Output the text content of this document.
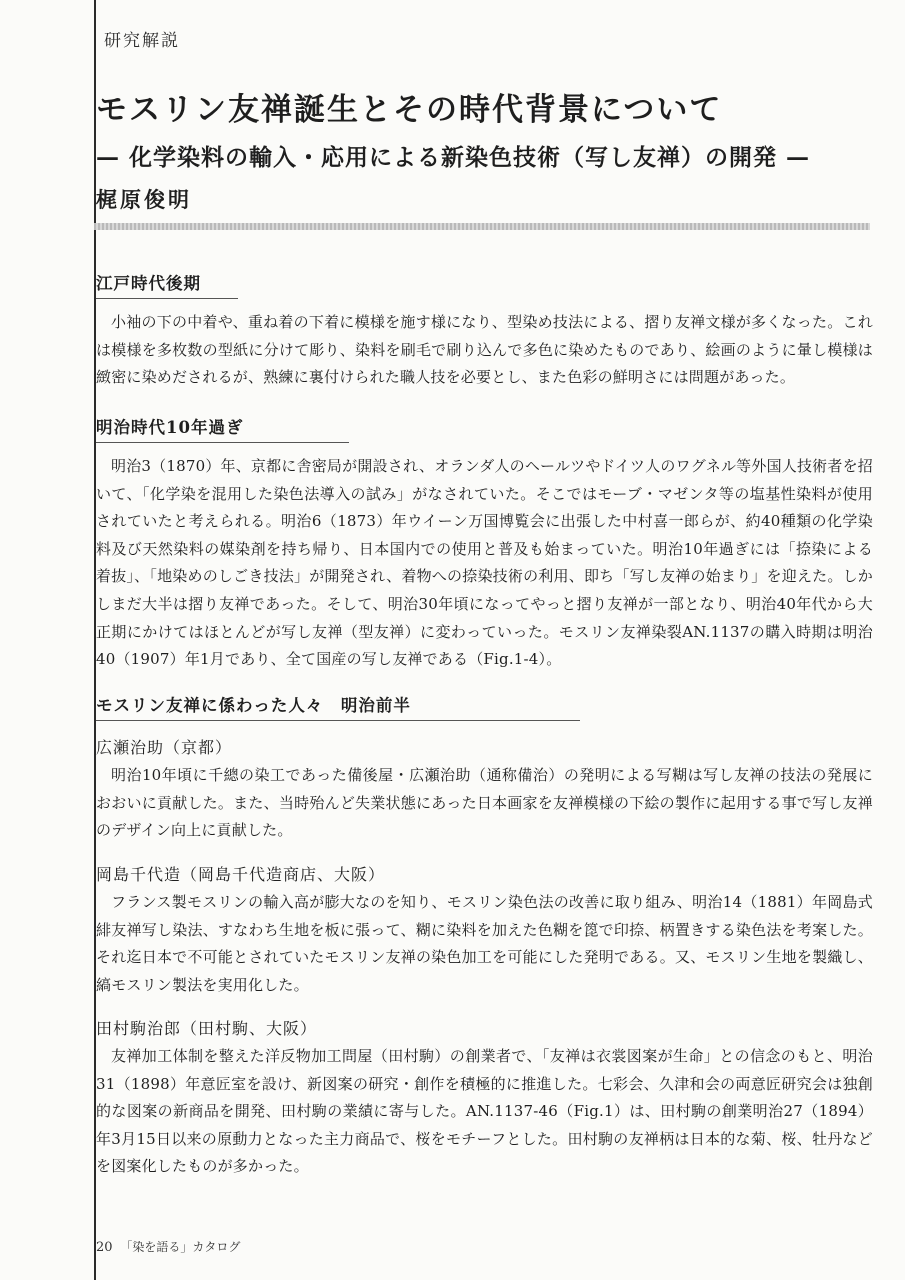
研究解説
モスリン友禅誕生とその時代背景について
— 化学染料の輸入・応用による新染色技術（写し友禅）の開発 —
梶原俊明
江戸時代後期

小袖の下の中着や、重ね着の下着に模様を施す様になり、型染め技法による、摺り友禅文様が多くなった。これは模様を多枚数の型紙に分けて彫り、染料を刷毛で刷り込んで多色に染めたものであり、絵画のように暈し模様は緻密に染めだされるが、熟練に裏付けられた職人技を必要とし、また色彩の鮮明さには問題があった。

明治時代10年過ぎ

明治3（1870）年、京都に舎密局が開設され、オランダ人のヘールツやドイツ人のワグネル等外国人技術者を招いて、「化学染を混用した染色法導入の試み」がなされていた。そこではモーブ・マゼンタ等の塩基性染料が使用されていたと考えられる。明治6（1873）年ウイーン万国博覧会に出張した中村喜一郎らが、約40種類の化学染料及び天然染料の媒染剤を持ち帰り、日本国内での使用と普及も始まっていた。明治10年過ぎには「捺染による着抜」、「地染めのしごき技法」が開発され、着物への捺染技術の利用、即ち「写し友禅の始まり」を迎えた。しかしまだ大半は摺り友禅であった。そして、明治30年頃になってやっと摺り友禅が一部となり、明治40年代から大正期にかけてはほとんどが写し友禅（型友禅）に変わっていった。モスリン友禅染裂AN.1137の購入時期は明治40（1907）年1月であり、全て国産の写し友禅である（Fig.1-4）。

モスリン友禅に係わった人々　明治前半
広瀬治助（京都）

明治10年頃に千總の染工であった備後屋・広瀬治助（通称備治）の発明による写糊は写し友禅の技法の発展におおいに貢献した。また、当時殆んど失業状態にあった日本画家を友禅模様の下絵の製作に起用する事で写し友禅のデザイン向上に貢献した。

岡島千代造（岡島千代造商店、大阪）

フランス製モスリンの輸入高が膨大なのを知り、モスリン染色法の改善に取り組み、明治14（1881）年岡島式緋友禅写し染法、すなわち生地を板に張って、糊に染料を加えた色糊を箆で印捺、柄置きする染色法を考案した。それ迄日本で不可能とされていたモスリン友禅の染色加工を可能にした発明である。又、モスリン生地を製織し、縞モスリン製法を実用化した。

田村駒治郎（田村駒、大阪）

友禅加工体制を整えた洋反物加工問屋（田村駒）の創業者で、「友禅は衣裳図案が生命」との信念のもと、明治31（1898）年意匠室を設け、新図案の研究・創作を積極的に推進した。七彩会、久津和会の両意匠研究会は独創的な図案の新商品を開発、田村駒の業績に寄与した。AN.1137-46（Fig.1）は、田村駒の創業明治27（1894）年3月15日以来の原動力となった主力商品で、桜をモチーフとした。田村駒の友禅柄は日本的な菊、桜、牡丹などを図案化したものが多かった。

20 「染を語る」カタログ
